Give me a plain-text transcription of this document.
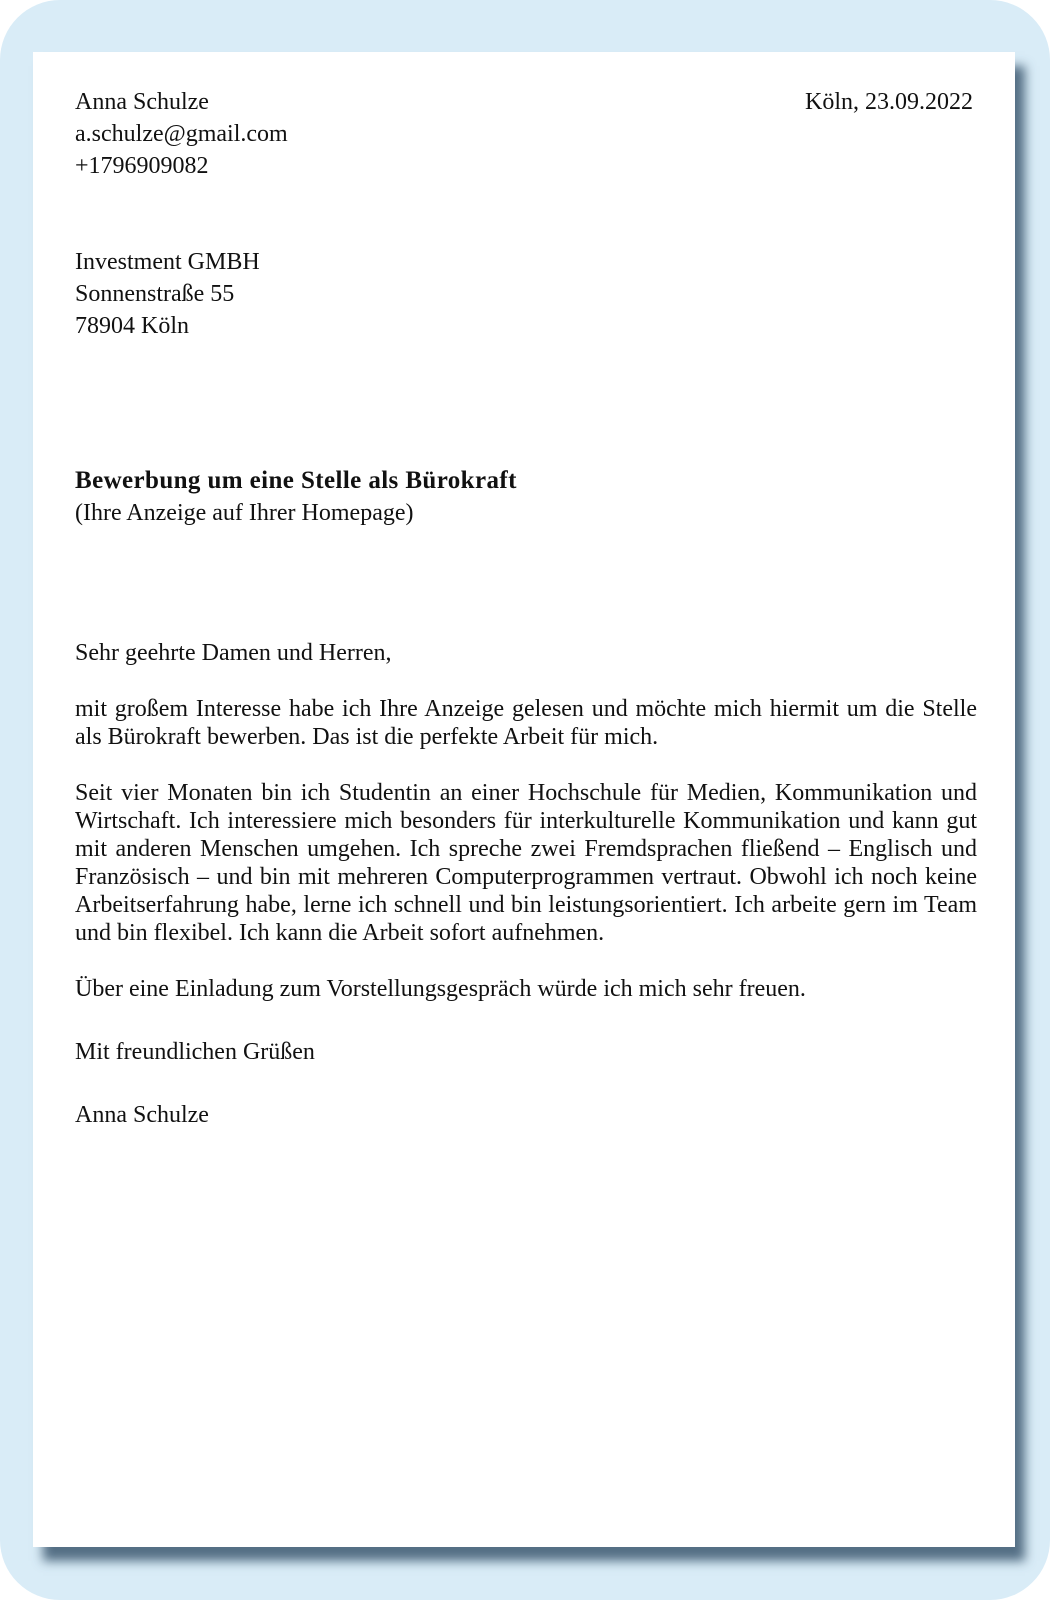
Anna Schulze
a.schulze@gmail.com
+1796909082
Köln, 23.09.2022
Investment GMBH
Sonnenstraße 55
78904 Köln
Bewerbung um eine Stelle als Bürokraft
(Ihre Anzeige auf Ihrer Homepage)

Sehr geehrte Damen und Herren,

mit großem Interesse habe ich Ihre Anzeige gelesen und möchte mich hiermit um die Stelle als Bürokraft bewerben. Das ist die perfekte Arbeit für mich.

Seit vier Monaten bin ich Studentin an einer Hochschule für Medien, Kommunikation und Wirtschaft. Ich interessiere mich besonders für interkulturelle Kommunikation und kann gut mit anderen Menschen umgehen. Ich spreche zwei Fremdsprachen fließend – Englisch und Französisch – und bin mit mehreren Computerprogrammen vertraut. Obwohl ich noch keine Arbeitserfahrung habe, lerne ich schnell und bin leistungsorientiert. Ich arbeite gern im Team und bin flexibel. Ich kann die Arbeit sofort aufnehmen.

Über eine Einladung zum Vorstellungsgespräch würde ich mich sehr freuen.

Mit freundlichen Grüßen

Anna Schulze
